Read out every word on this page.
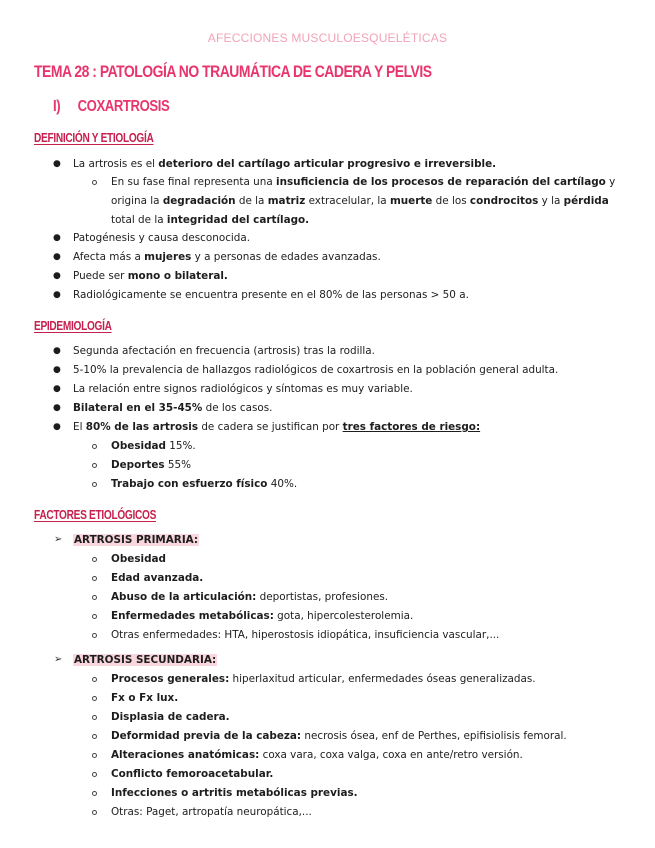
AFECCIONES MUSCULOESQUELÉTICAS
TEMA 28 : PATOLOGÍA NO TRAUMÁTICA DE CADERA Y PELVIS
I) COXARTROSIS
DEFINICIÓN Y ETIOLOGÍA
● La artrosis es el deterioro del cartílago articular progresivo e irreversible.
En su fase final representa una insuficiencia de los procesos de reparación del cartílago y
origina la degradación de la matriz extracelular, la muerte de los condrocitos y la pérdida
total de la integridad del cartílago.
● Patogénesis y causa desconocida.
● Afecta más a mujeres y a personas de edades avanzadas.
● Puede ser mono o bilateral.
● Radiológicamente se encuentra presente en el 80% de las personas > 50 a.
EPIDEMIOLOGÍA
● Segunda afectación en frecuencia (artrosis) tras la rodilla.
● 5-10% la prevalencia de hallazgos radiológicos de coxartrosis en la población general adulta.
● La relación entre signos radiológicos y síntomas es muy variable.
● Bilateral en el 35-45% de los casos.
● El 80% de las artrosis de cadera se justifican por tres factores de riesgo:
Obesidad 15%.
Deportes 55%
Trabajo con esfuerzo físico 40%.
FACTORES ETIOLÓGICOS
➢ ARTROSIS PRIMARIA:
Obesidad
Edad avanzada.
Abuso de la articulación: deportistas, profesiones.
Enfermedades metabólicas: gota, hipercolesterolemia.
Otras enfermedades: HTA, hiperostosis idiopática, insuficiencia vascular,...
➢ ARTROSIS SECUNDARIA:
Procesos generales: hiperlaxitud articular, enfermedades óseas generalizadas.
Fx o Fx lux.
Displasia de cadera.
Deformidad previa de la cabeza: necrosis ósea, enf de Perthes, epifisiolisis femoral.
Alteraciones anatómicas: coxa vara, coxa valga, coxa en ante/retro versión.
Conflicto femoroacetabular.
Infecciones o artritis metabólicas previas.
Otras: Paget, artropatía neuropática,...
